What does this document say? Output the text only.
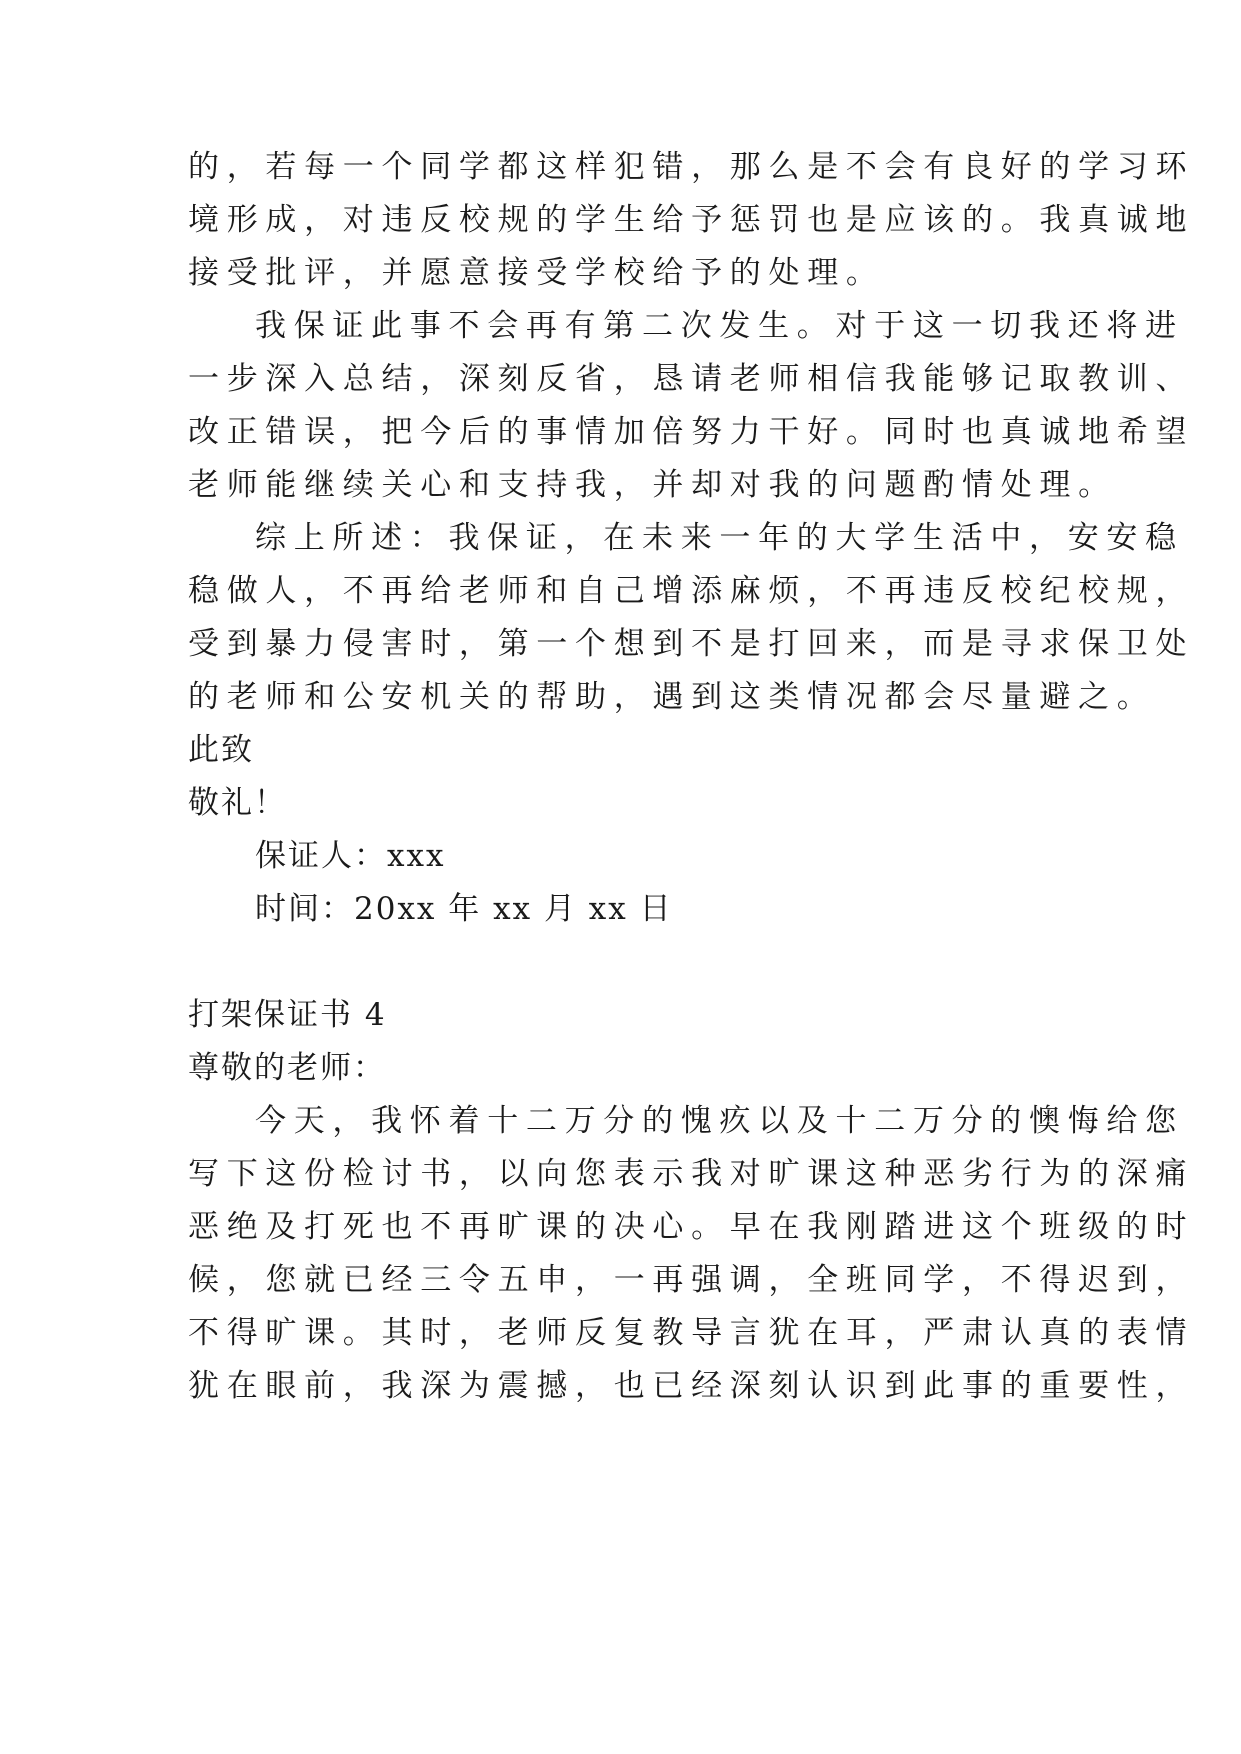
的，若每一个同学都这样犯错，那么是不会有良好的学习环
境形成，对违反校规的学生给予惩罚也是应该的。我真诚地
接受批评，并愿意接受学校给予的处理。
我保证此事不会再有第二次发生。对于这一切我还将进
一步深入总结，深刻反省，恳请老师相信我能够记取教训、
改正错误，把今后的事情加倍努力干好。同时也真诚地希望
老师能继续关心和支持我，并却对我的问题酌情处理。
综上所述：我保证，在未来一年的大学生活中，安安稳
稳做人，不再给老师和自己增添麻烦，不再违反校纪校规，
受到暴力侵害时，第一个想到不是打回来，而是寻求保卫处
的老师和公安机关的帮助，遇到这类情况都会尽量避之。
此致
敬礼！
保证人：xxx
时间：20xx 年 xx 月 xx 日
打架保证书 4
尊敬的老师：
今天，我怀着十二万分的愧疚以及十二万分的懊悔给您
写下这份检讨书，以向您表示我对旷课这种恶劣行为的深痛
恶绝及打死也不再旷课的决心。早在我刚踏进这个班级的时
候，您就已经三令五申，一再强调，全班同学，不得迟到，
不得旷课。其时，老师反复教导言犹在耳，严肃认真的表情
犹在眼前，我深为震撼，也已经深刻认识到此事的重要性，
